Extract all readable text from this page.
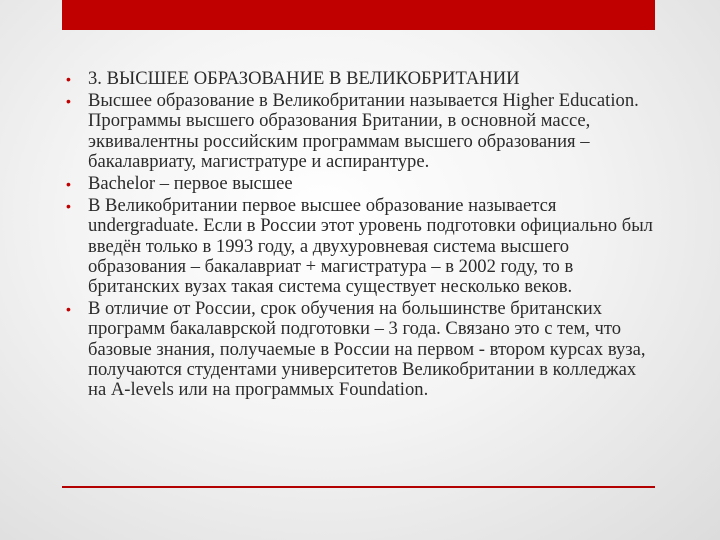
• 3. ВЫСШЕЕ ОБРАЗОВАНИЕ В ВЕЛИКОБРИТАНИИ
• Высшее образование в Великобритании называется Higher Education. Программы высшего образования Британии, в основной массе, эквивалентны российским программам высшего образования – бакалавриату, магистратуре и аспирантуре.
• Bachelor – первое высшее
• В Великобритании первое высшее образование называется undergraduate. Если в России этот уровень подготовки официально был введён только в 1993 году, а двухуровневая система высшего образования – бакалавриат + магистратура – в 2002 году, то в британских вузах такая система существует несколько веков.
• В отличие от России, срок обучения на большинстве британских программ бакалаврской подготовки – 3 года. Связано это с тем, что базовые знания, получаемые в России на первом - втором курсах вуза, получаются студентами университетов Великобритании в колледжах на A-levels или на программых Foundation.
